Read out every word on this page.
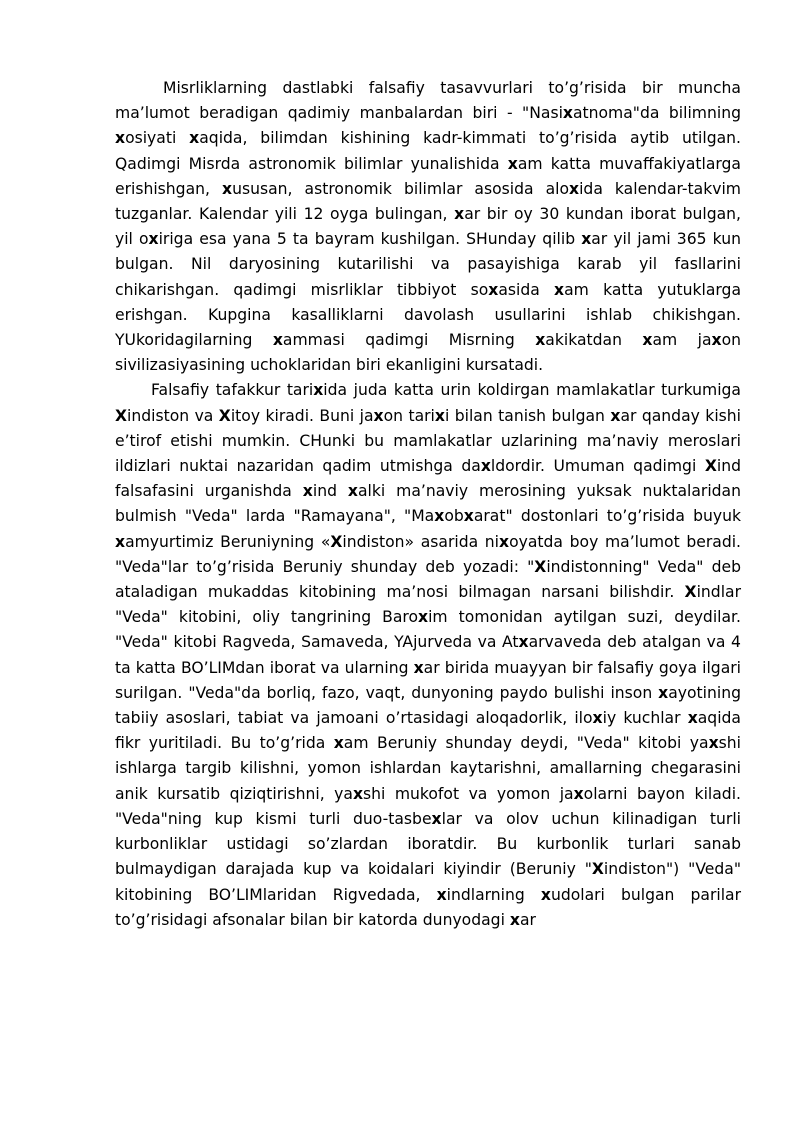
Misrliklarning dastlabki falsafiy tasavvurlari to’g’risida bir muncha ma’lumot beradigan qadimiy manbalardan biri - "Nasixatnoma"da bilimning xosiyati xaqida, bilimdan kishining kadr-kimmati to’g’risida aytib utilgan. Qadimgi Misrda astronomik bilimlar yunalishida xam katta muvaffakiyatlarga erishishgan, xususan, astronomik bilimlar asosida aloxida kalendar-takvim tuzganlar. Kalendar yili 12 oyga bulingan, xar bir oy 30 kundan iborat bulgan, yil oxiriga esa yana 5 ta bayram kushilgan. SHunday qilib xar yil jami 365 kun bulgan. Nil daryosining kutarilishi va pasayishiga karab yil fasllarini chikarishgan. qadimgi misrliklar tibbiyot soxasida xam katta yutuklarga erishgan. Kupgina kasalliklarni davolash usullarini ishlab chikishgan. YUkoridagilarning xammasi qadimgi Misrning xakikatdan xam jaxon sivilizasiyasining uchoklaridan biri ekanligini kursatadi.

Falsafiy tafakkur tarixida juda katta urin koldirgan mamlakatlar turkumiga Xindiston va Xitoy kiradi. Buni jaxon tarixi bilan tanish bulgan xar qanday kishi e’tirof etishi mumkin. CHunki bu mamlakatlar uzlarining ma’naviy meroslari ildizlari nuktai nazaridan qadim utmishga daxldordir. Umuman qadimgi Xind falsafasini urganishda xind xalki ma’naviy merosining yuksak nuktalaridan bulmish "Veda" larda "Ramayana", "Maxobxarat" dostonlari to’g’risida buyuk xamyurtimiz Beruniyning «Xindiston» asarida nixoyatda boy ma’lumot beradi. "Veda"lar to’g’risida Beruniy shunday deb yozadi: "Xindistonning" Veda" deb ataladigan mukaddas kitobining ma’nosi bilmagan narsani bilishdir. Xindlar "Veda" kitobini, oliy tangrining Baroxim tomonidan aytilgan suzi, deydilar. "Veda" kitobi Ragveda, Samaveda, YAjurveda va Atxarvaveda deb atalgan va 4 ta katta BO’LIMdan iborat va ularning xar birida muayyan bir falsafiy goya ilgari surilgan. "Veda"da borliq, fazo, vaqt, dunyoning paydo bulishi inson xayotining tabiiy asoslari, tabiat va jamoani o’rtasidagi aloqadorlik, iloxiy kuchlar xaqida fikr yuritiladi. Bu to’g’rida xam Beruniy shunday deydi, "Veda" kitobi yaxshi ishlarga targib kilishni, yomon ishlardan kaytarishni, amallarning chegarasini anik kursatib qiziqtirishni, yaxshi mukofot va yomon jaxolarni bayon kiladi. "Veda"ning kup kismi turli duo-tasbexlar va olov uchun kilinadigan turli kurbonliklar ustidagi so’zlardan iboratdir. Bu kurbonlik turlari sanab bulmaydigan darajada kup va koidalari kiyindir (Beruniy "Xindiston") "Veda" kitobining BO’LIMlaridan Rigvedada, xindlarning xudolari bulgan parilar to’g’risidagi afsonalar bilan bir katorda dunyodagi xar
